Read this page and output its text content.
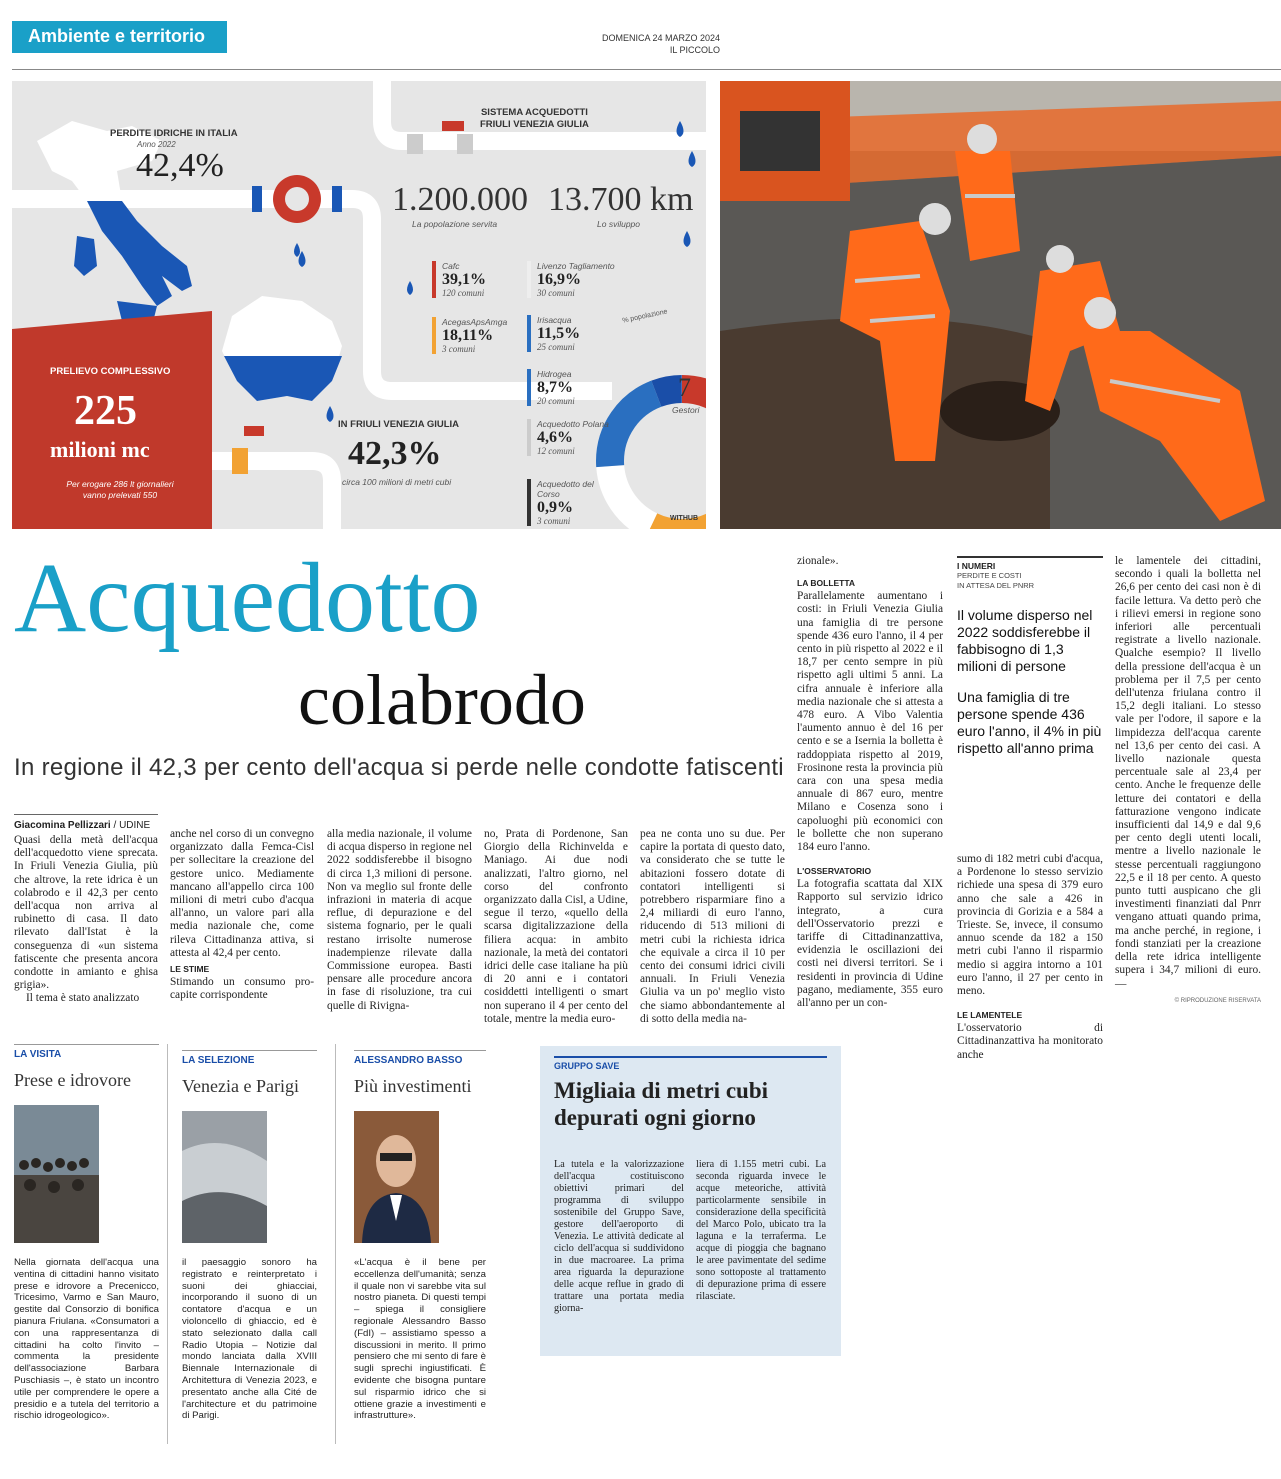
Ambiente e territorio	DOMENICA 24 MARZO 2024
IL PICCOLO
PERDITE IDRICHE IN ITALIA
Anno 2022
42,4%
SISTEMA ACQUEDOTTI
FRIULI VENEZIA GIULIA
1.200.000
La popolazione servita
13.700 km
Lo sviluppo
PRELIEVO COMPLESSIVO
225
milioni mc
Per erogare 286 lt giornalieri
vanno prelevati 550
IN FRIULI VENEZIA GIULIA
42,3%
circa 100 milioni di metri cubi
Cafc
39,1%
120 comuni
AcegasApsAmga
18,11%
3 comuni
Livenzo Tagliamento
16,9%
30 comuni
Irisacqua
11,5%
25 comuni
Hidrogea
8,7%
20 comuni
Acquedotto Polana
4,6%
12 comuni
Acquedotto del Corso
0,9%
3 comuni
% popolazione
7
Gestori
WITHUB
Acquedotto
colabrodo
In regione il 42,3 per cento dell'acqua si perde nelle condotte fatiscenti
Giacomina Pellizzari / UDINE

Quasi della metà dell'acqua dell'acquedotto viene sprecata. In Friuli Venezia Giulia, più che altrove, la rete idrica è un colabrodo e il 42,3 per cento dell'acqua non arriva al rubinetto di casa. Il dato rilevato dall'Istat è la conseguenza di «un sistema fatiscente che presenta ancora condotte in amianto e ghisa grigia».

Il tema è stato analizzato

anche nel corso di un convegno organizzato dalla Femca-Cisl per sollecitare la creazione del gestore unico. Mediamente mancano all'appello circa 100 milioni di metri cubo d'acqua all'anno, un valore pari alla media nazionale che, come rileva Cittadinanza attiva, si attesta al 42,4 per cento.

LE STIME

Stimando un consumo pro-capite corrispondente

alla media nazionale, il volume di acqua disperso in regione nel 2022 soddisferebbe il bisogno di circa 1,3 milioni di persone. Non va meglio sul fronte delle infrazioni in materia di acque reflue, di depurazione e del sistema fognario, per le quali restano irrisolte numerose inadempienze rilevate dalla Commissione europea. Basti pensare alle procedure ancora in fase di risoluzione, tra cui quelle di Rivigna-

no, Prata di Pordenone, San Giorgio della Richinvelda e Maniago. Ai due nodi analizzati, l'altro giorno, nel corso del confronto organizzato dalla Cisl, a Udine, segue il terzo, «quello della scarsa digitalizzazione della filiera acqua: in ambito nazionale, la metà dei contatori idrici delle case italiane ha più di 20 anni e i contatori cosiddetti intelligenti o smart non superano il 4 per cento del totale, mentre la media euro-

pea ne conta uno su due. Per capire la portata di questo dato, va considerato che se tutte le abitazioni fossero dotate di contatori intelligenti si potrebbero risparmiare fino a 2,4 miliardi di euro l'anno, riducendo di 513 milioni di metri cubi la richiesta idrica che equivale a circa il 10 per cento dei consumi idrici civili annuali. In Friuli Venezia Giulia va un po' meglio visto che siamo abbondantemente al di sotto della media na-

zionale».

LA BOLLETTA

Parallelamente aumentano i costi: in Friuli Venezia Giulia una famiglia di tre persone spende 436 euro l'anno, il 4 per cento in più rispetto al 2022 e il 18,7 per cento sempre in più rispetto agli ultimi 5 anni. La cifra annuale è inferiore alla media nazionale che si attesta a 478 euro. A Vibo Valentia l'aumento annuo è del 16 per cento e se a Isernia la bolletta è raddoppiata rispetto al 2019, Frosinone resta la provincia più cara con una spesa media annuale di 867 euro, mentre Milano e Cosenza sono i capoluoghi più economici con le bollette che non superano 184 euro l'anno.

L'OSSERVATORIO

La fotografia scattata dal XIX Rapporto sul servizio idrico integrato, a cura dell'Osservatorio prezzi e tariffe di Cittadinanzattiva, evidenzia le oscillazioni dei costi nei diversi territori. Se i residenti in provincia di Udine pagano, mediamente, 355 euro all'anno per un con-

I NUMERI
PERDITE E COSTI
IN ATTESA DEL PNRR
Il volume disperso nel 2022 soddisferebbe il fabbisogno di 1,3 milioni di persone
Una famiglia di tre persone spende 436 euro l'anno, il 4% in più rispetto all'anno prima

sumo di 182 metri cubi d'acqua, a Pordenone lo stesso servizio richiede una spesa di 379 euro anno che sale a 426 in provincia di Gorizia e a 584 a Trieste. Se, invece, il consumo annuo scende da 182 a 150 metri cubi l'anno il risparmio medio si aggira intorno a 101 euro l'anno, il 27 per cento in meno.

LE LAMENTELE

L'osservatorio di Cittadinanzattiva ha monitorato anche

le lamentele dei cittadini, secondo i quali la bolletta nel 26,6 per cento dei casi non è di facile lettura. Va detto però che i rilievi emersi in regione sono inferiori alle percentuali registrate a livello nazionale. Qualche esempio? Il livello della pressione dell'acqua è un problema per il 7,5 per cento dell'utenza friulana contro il 15,2 degli italiani. Lo stesso vale per l'odore, il sapore e la limpidezza dell'acqua carente nel 13,6 per cento dei casi. A livello nazionale questa percentuale sale al 23,4 per cento. Anche le frequenze delle letture dei contatori e della fatturazione vengono indicate insufficienti dal 14,9 e dal 9,6 per cento degli utenti locali, mentre a livello nazionale le stesse percentuali raggiungono 22,5 e il 18 per cento. A questo punto tutti auspicano che gli investimenti finanziati dal Pnrr vengano attuati quando prima, ma anche perché, in regione, i fondi stanziati per la creazione della rete idrica intelligente supera i 34,7 milioni di euro. —

© RIPRODUZIONE RISERVATA
LA VISITA
Prese e idrovore
Nella giornata dell'acqua una ventina di cittadini hanno visitato prese e idrovore a Precenicco, Tricesimo, Varmo e San Mauro, gestite dal Consorzio di bonifica pianura Friulana. «Consumatori a con una rappresentanza di cittadini ha colto l'invito – commenta la presidente dell'associazione Barbara Puschiasis –, è stato un incontro utile per comprendere le opere a presidio e a tutela del territorio a rischio idrogeologico».
LA SELEZIONE
Venezia e Parigi
il paesaggio sonoro ha registrato e reinterpretato i suoni dei ghiacciai, incorporando il suono di un contatore d'acqua e un violoncello di ghiaccio, ed è stato selezionato dalla call Radio Utopia – Notizie dal mondo lanciata dalla XVIII Biennale Internazionale di Architettura di Venezia 2023, e presentato anche alla Cité de l'architecture et du patrimoine di Parigi.
ALESSANDRO BASSO
Più investimenti
«L'acqua è il bene per eccellenza dell'umanità; senza il quale non vi sarebbe vita sul nostro pianeta. Di questi tempi – spiega il consigliere regionale Alessandro Basso (FdI) – assistiamo spesso a discussioni in merito. Il primo pensiero che mi sento di fare è sugli sprechi ingiustificati. È evidente che bisogna puntare sul risparmio idrico che si ottiene grazie a investimenti e infrastrutture».
GRUPPO SAVE
Migliaia di metri cubi depurati ogni giorno
La tutela e la valorizzazione dell'acqua costituiscono obiettivi primari del programma di sviluppo sostenibile del Gruppo Save, gestore dell'aeroporto di Venezia. Le attività dedicate al ciclo dell'acqua si suddividono in due macroaree. La prima area riguarda la depurazione delle acque reflue in grado di trattare una portata media giorna-
liera di 1.155 metri cubi. La seconda riguarda invece le acque meteoriche, attività particolarmente sensibile in considerazione della specificità del Marco Polo, ubicato tra la laguna e la terraferma. Le acque di pioggia che bagnano le aree pavimentate del sedime sono sottoposte al trattamento di depurazione prima di essere rilasciate.
